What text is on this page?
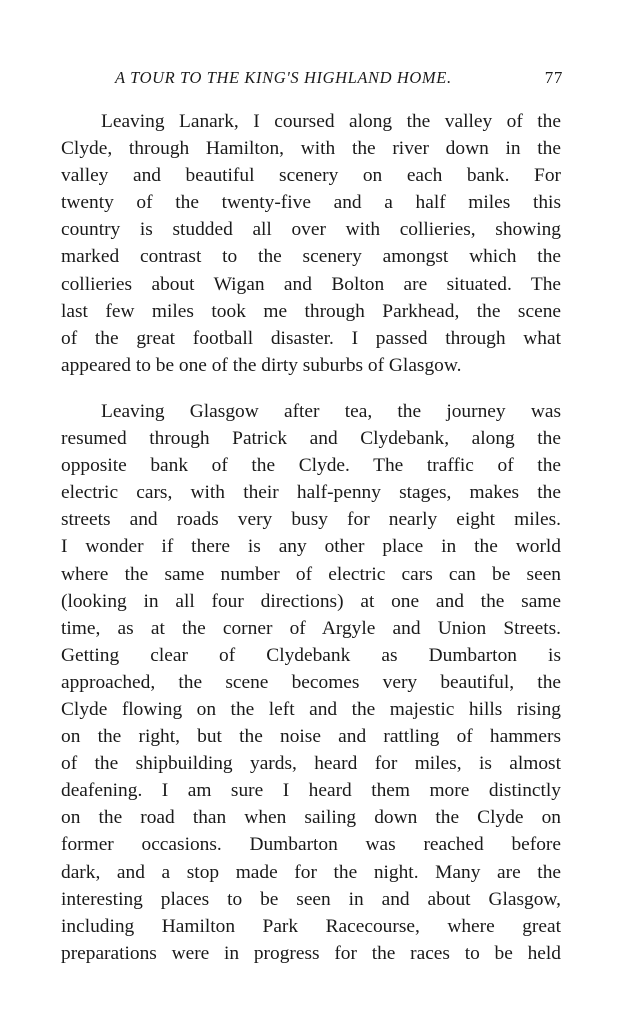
A TOUR TO THE KING'S HIGHLAND HOME.	77
Leaving Lanark, I coursed along the valley of the
Clyde, through Hamilton, with the river down in the
valley and beautiful scenery on each bank. For
twenty of the twenty-five and a half miles this
country is studded all over with collieries, showing
marked contrast to the scenery amongst which the
collieries about Wigan and Bolton are situated. The
last few miles took me through Parkhead, the scene
of the great football disaster. I passed through what
appeared to be one of the dirty suburbs of Glasgow.
Leaving Glasgow after tea, the journey was
resumed through Patrick and Clydebank, along the
opposite bank of the Clyde. The traffic of the
electric cars, with their half-penny stages, makes the
streets and roads very busy for nearly eight miles.
I wonder if there is any other place in the world
where the same number of electric cars can be seen
(looking in all four directions) at one and the same
time, as at the corner of Argyle and Union Streets.
Getting clear of Clydebank as Dumbarton is
approached, the scene becomes very beautiful, the
Clyde flowing on the left and the majestic hills rising
on the right, but the noise and rattling of hammers
of the shipbuilding yards, heard for miles, is almost
deafening. I am sure I heard them more distinctly
on the road than when sailing down the Clyde on
former occasions. Dumbarton was reached before
dark, and a stop made for the night. Many are the
interesting places to be seen in and about Glasgow,
including Hamilton Park Racecourse, where great
preparations were in progress for the races to be held
